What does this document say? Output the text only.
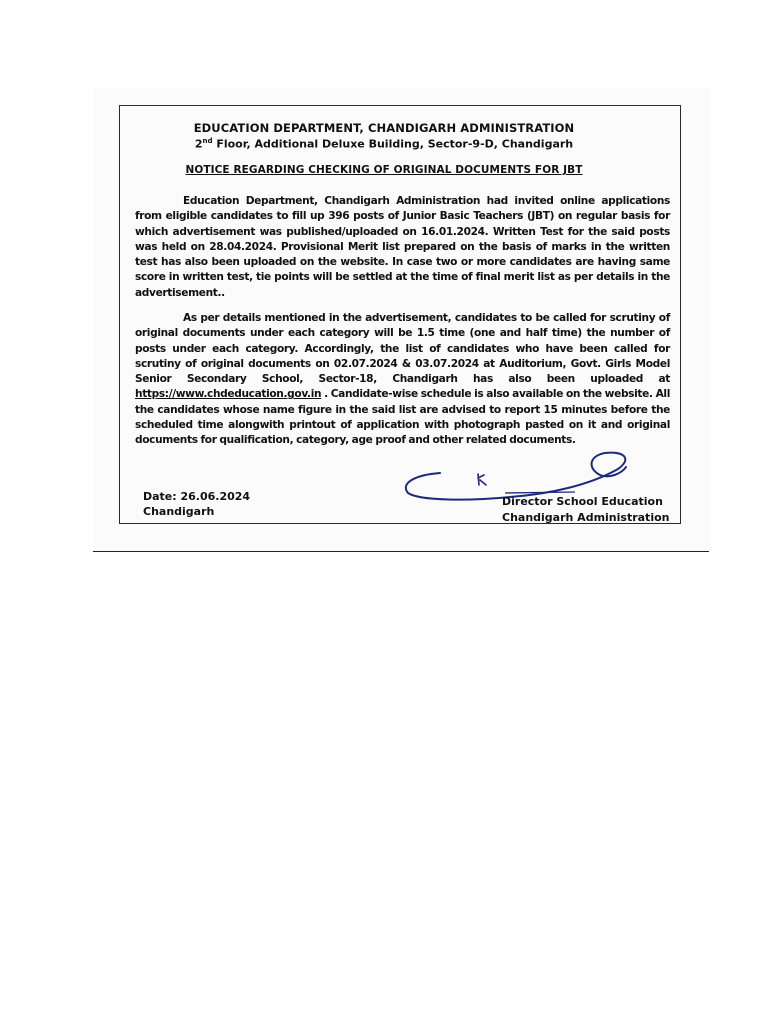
EDUCATION DEPARTMENT, CHANDIGARH ADMINISTRATION
2nd Floor, Additional Deluxe Building, Sector-9-D, Chandigarh
NOTICE REGARDING CHECKING OF ORIGINAL DOCUMENTS FOR JBT

Education Department, Chandigarh Administration had invited online applications from eligible candidates to fill up 396 posts of Junior Basic Teachers (JBT) on regular basis for which advertisement was published/uploaded on 16.01.2024. Written Test for the said posts was held on 28.04.2024. Provisional Merit list prepared on the basis of marks in the written test has also been uploaded on the website. In case two or more candidates are having same score in written test, tie points will be settled at the time of final merit list as per details in the advertisement..

As per details mentioned in the advertisement, candidates to be called for scrutiny of original documents under each category will be 1.5 time (one and half time) the number of posts under each category. Accordingly, the list of candidates who have been called for scrutiny of original documents on 02.07.2024 & 03.07.2024 at Auditorium, Govt. Girls Model Senior Secondary School, Sector-18, Chandigarh has also been uploaded at https://www.chdeducation.gov.in . Candidate-wise schedule is also available on the website. All the candidates whose name figure in the said list are advised to report 15 minutes before the scheduled time alongwith printout of application with photograph pasted on it and original documents for qualification, category, age proof and other related documents.

Date: 26.06.2024
Chandigarh
Director School Education
Chandigarh Administration
